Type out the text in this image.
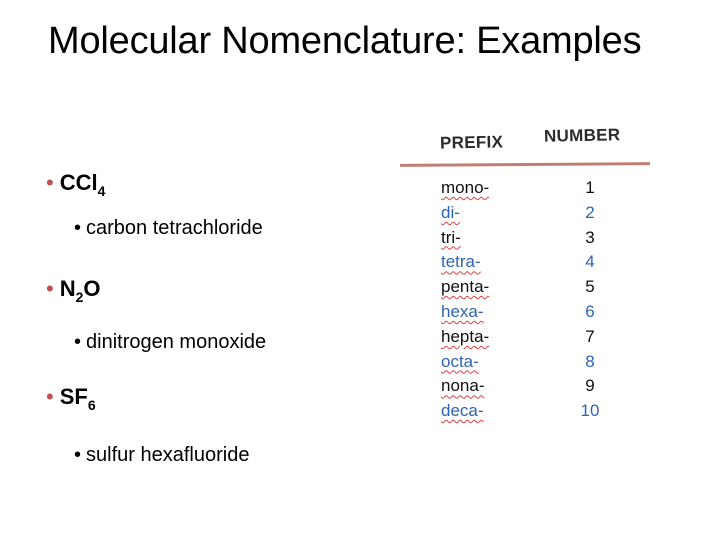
Molecular Nomenclature: Examples
• CCl$_4$
• carbon tetrachloride
• $N_2O$
• dinitrogen monoxide
• $SF_6$
• sulfur hexafluoride
PREFIX NUMBER
mono-	1
di-	2
tri-	3
tetra-	4
penta-	5
hexa-	6
hepta-	7
octa-	8
nona-	9
deca-	10
